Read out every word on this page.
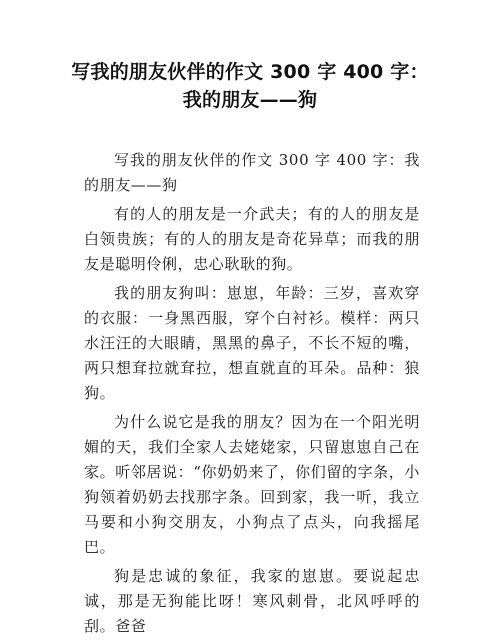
写我的朋友伙伴的作文 300 字 400 字：
我的朋友——狗

写我的朋友伙伴的作文 300 字 400 字：我的朋友——狗

有的人的朋友是一介武夫；有的人的朋友是白领贵族；有的人的朋友是奇花异草；而我的朋友是聪明伶俐，忠心耿耿的狗。

我的朋友狗叫：崽崽，年龄：三岁，喜欢穿的衣服：一身黑西服，穿个白衬衫。模样：两只水汪汪的大眼睛，黑黑的鼻子，不长不短的嘴，两只想耷拉就耷拉，想直就直的耳朵。品种：狼狗。

为什么说它是我的朋友？因为在一个阳光明媚的天，我们全家人去姥姥家，只留崽崽自己在家。听邻居说：“你奶奶来了，你们留的字条，小狗领着奶奶去找那字条。回到家，我一听，我立马要和小狗交朋友，小狗点了点头，向我摇尾巴。

狗是忠诚的象征，我家的崽崽。要说起忠诚，那是无狗能比呀！寒风刺骨，北风呼呼的刮。爸爸
